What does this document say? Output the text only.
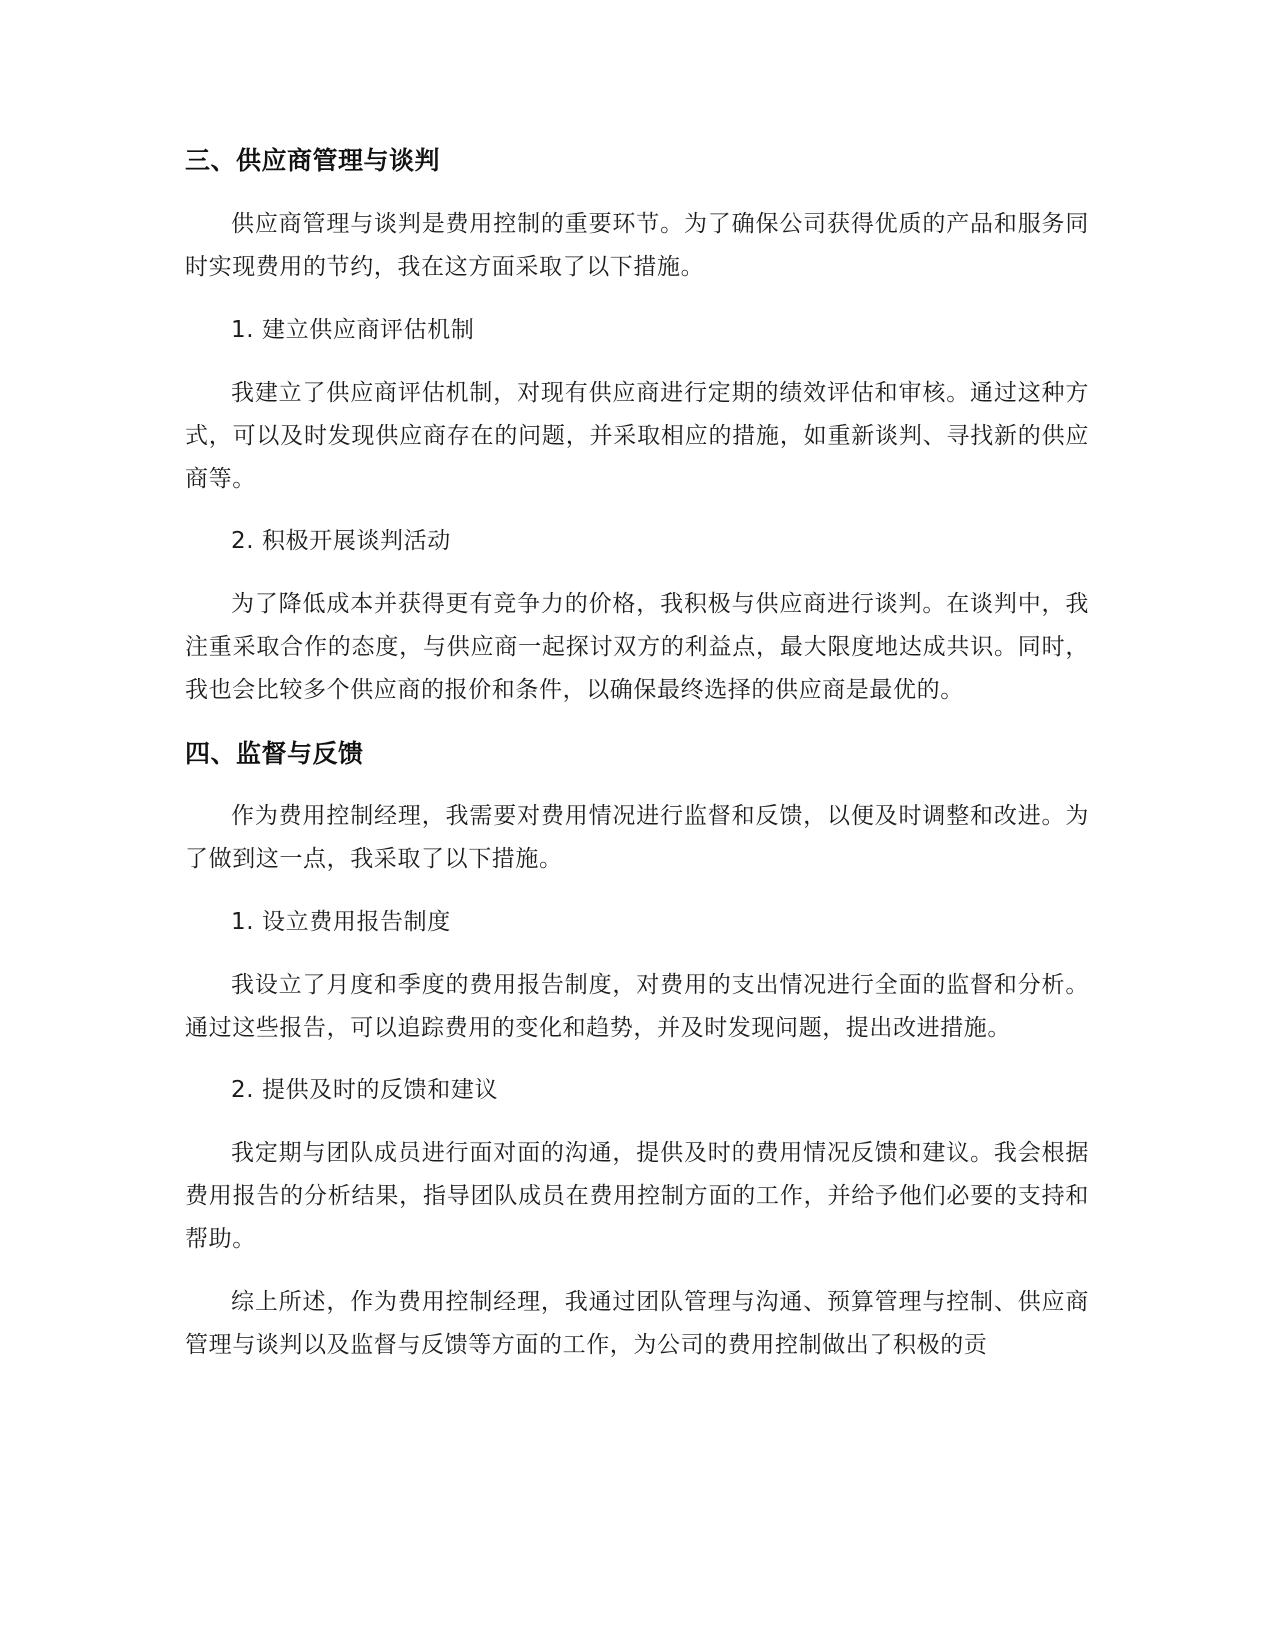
三、供应商管理与谈判

供应商管理与谈判是费用控制的重要环节。为了确保公司获得优质的产品和服务同时实现费用的节约，我在这方面采取了以下措施。

1. 建立供应商评估机制

我建立了供应商评估机制，对现有供应商进行定期的绩效评估和审核。通过这种方式，可以及时发现供应商存在的问题，并采取相应的措施，如重新谈判、寻找新的供应商等。

2. 积极开展谈判活动

为了降低成本并获得更有竞争力的价格，我积极与供应商进行谈判。在谈判中，我注重采取合作的态度，与供应商一起探讨双方的利益点，最大限度地达成共识。同时，我也会比较多个供应商的报价和条件，以确保最终选择的供应商是最优的。

四、监督与反馈

作为费用控制经理，我需要对费用情况进行监督和反馈，以便及时调整和改进。为了做到这一点，我采取了以下措施。

1. 设立费用报告制度

我设立了月度和季度的费用报告制度，对费用的支出情况进行全面的监督和分析。通过这些报告，可以追踪费用的变化和趋势，并及时发现问题，提出改进措施。

2. 提供及时的反馈和建议

我定期与团队成员进行面对面的沟通，提供及时的费用情况反馈和建议。我会根据费用报告的分析结果，指导团队成员在费用控制方面的工作，并给予他们必要的支持和帮助。

综上所述，作为费用控制经理，我通过团队管理与沟通、预算管理与控制、供应商管理与谈判以及监督与反馈等方面的工作，为公司的费用控制做出了积极的贡
